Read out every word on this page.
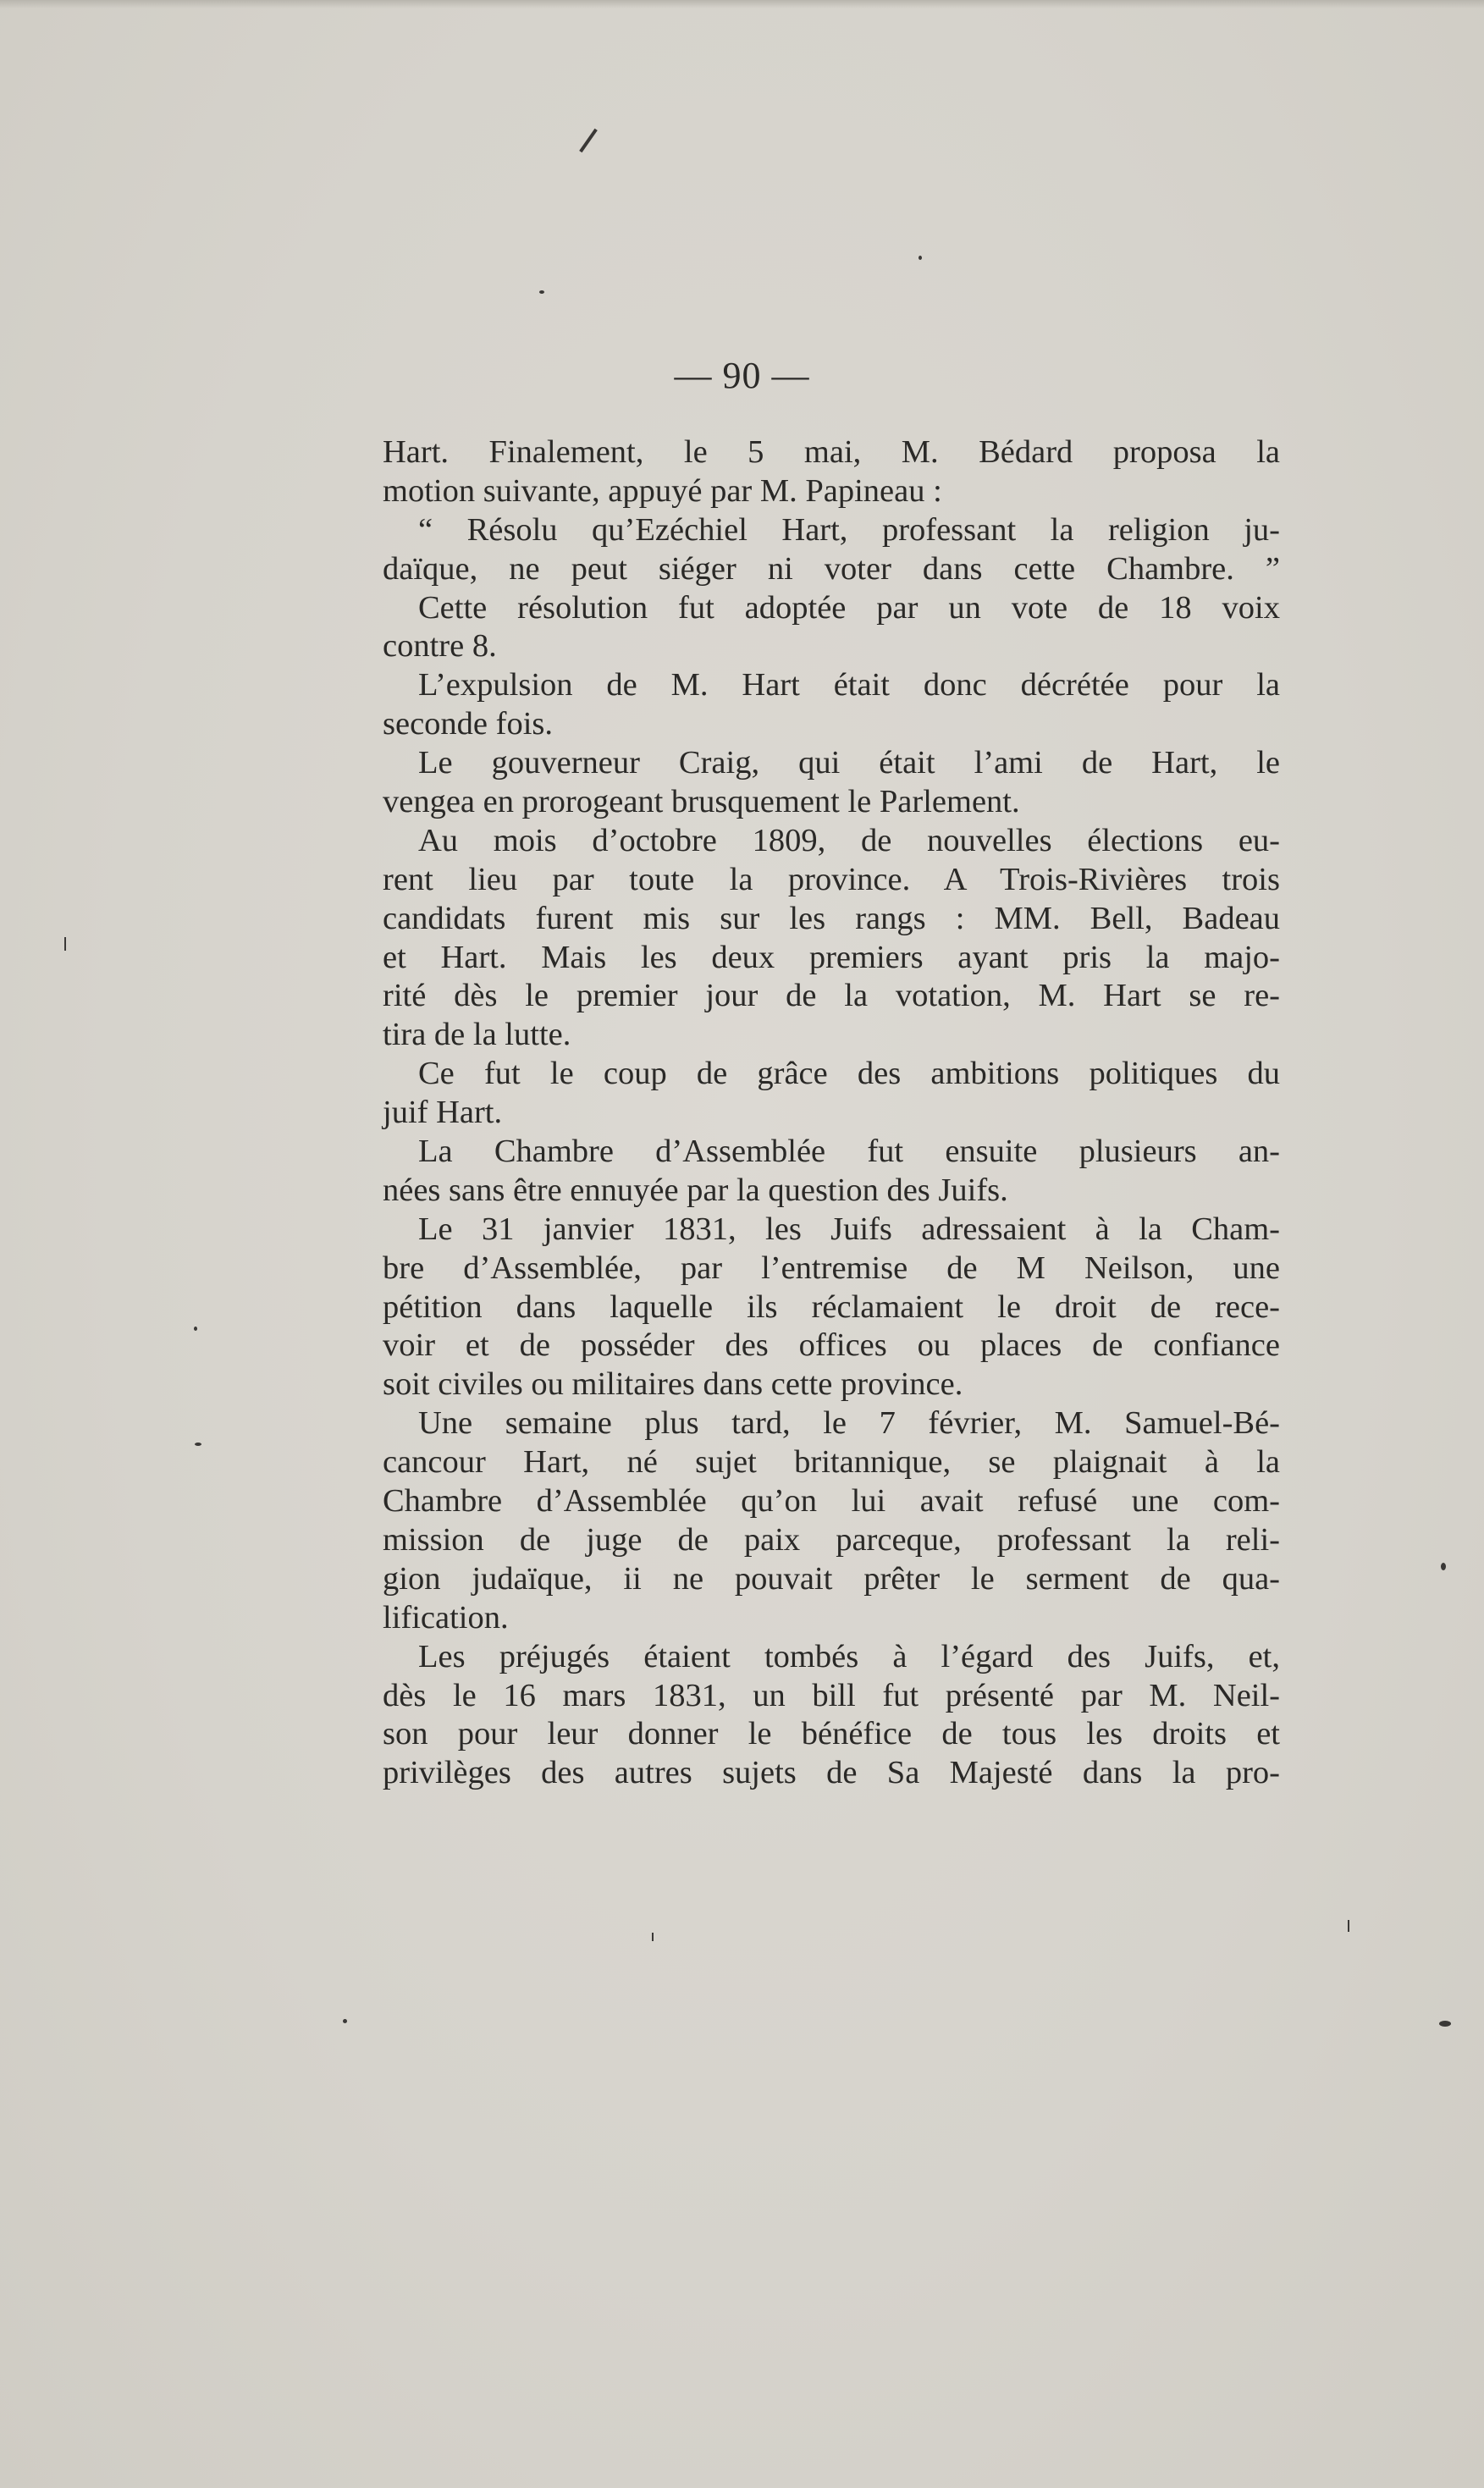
— 90 —

Hart. Finalement, le 5 mai, M. Bédard proposa la
motion suivante, appuyé par M. Papineau :
“ Résolu qu’Ezéchiel Hart, professant la religion ju-
daïque, ne peut siéger ni voter dans cette Chambre. ”
Cette résolution fut adoptée par un vote de 18 voix
contre 8.
L’expulsion de M. Hart était donc décrétée pour la
seconde fois.
Le gouverneur Craig, qui était l’ami de Hart, le
vengea en prorogeant brusquement le Parlement.
Au mois d’octobre 1809, de nouvelles élections eu-
rent lieu par toute la province. A Trois-Rivières trois
candidats furent mis sur les rangs : MM. Bell, Badeau
et Hart. Mais les deux premiers ayant pris la majo-
rité dès le premier jour de la votation, M. Hart se re-
tira de la lutte.
Ce fut le coup de grâce des ambitions politiques du
juif Hart.
La Chambre d’Assemblée fut ensuite plusieurs an-
nées sans être ennuyée par la question des Juifs.
Le 31 janvier 1831, les Juifs adressaient à la Cham-
bre d’Assemblée, par l’entremise de M Neilson, une
pétition dans laquelle ils réclamaient le droit de rece-
voir et de posséder des offices ou places de confiance
soit civiles ou militaires dans cette province.
Une semaine plus tard, le 7 février, M. Samuel-Bé-
cancour Hart, né sujet britannique, se plaignait à la
Chambre d’Assemblée qu’on lui avait refusé une com-
mission de juge de paix parceque, professant la reli-
gion judaïque, ii ne pouvait prêter le serment de qua-
lification.
Les préjugés étaient tombés à l’égard des Juifs, et,
dès le 16 mars 1831, un bill fut présenté par M. Neil-
son pour leur donner le bénéfice de tous les droits et
privilèges des autres sujets de Sa Majesté dans la pro-
